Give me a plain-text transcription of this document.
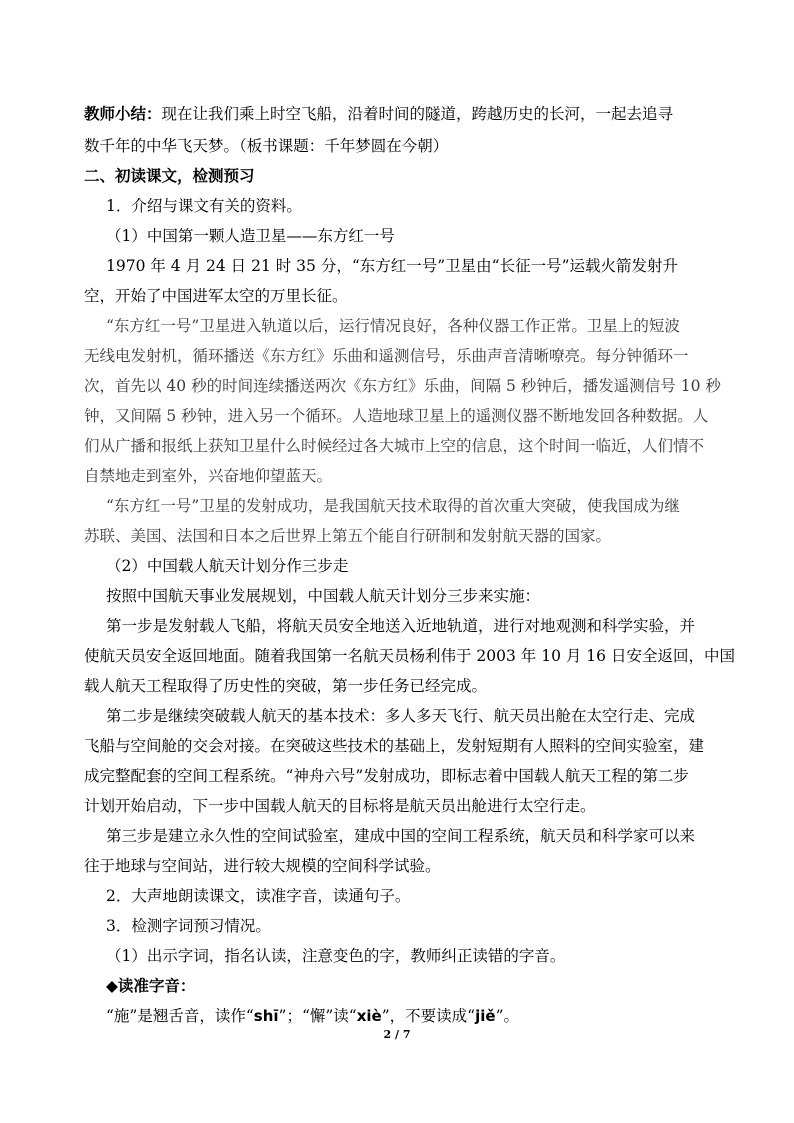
教师小结：现在让我们乘上时空飞船，沿着时间的隧道，跨越历史的长河，一起去追寻
数千年的中华飞天梦。（板书课题：千年梦圆在今朝）
二、初读课文，检测预习
1．介绍与课文有关的资料。
（1）中国第一颗人造卫星——东方红一号
1970 年 4 月 24 日 21 时 35 分，“东方红一号”卫星由“长征一号”运载火箭发射升
空，开始了中国进军太空的万里长征。
“东方红一号”卫星进入轨道以后，运行情况良好，各种仪器工作正常。卫星上的短波
无线电发射机，循环播送《东方红》乐曲和遥测信号，乐曲声音清晰嘹亮。每分钟循环一
次，首先以 40 秒的时间连续播送两次《东方红》乐曲，间隔 5 秒钟后，播发遥测信号 10 秒
钟，又间隔 5 秒钟，进入另一个循环。人造地球卫星上的遥测仪器不断地发回各种数据。人
们从广播和报纸上获知卫星什么时候经过各大城市上空的信息，这个时间一临近，人们情不
自禁地走到室外，兴奋地仰望蓝天。
“东方红一号”卫星的发射成功，是我国航天技术取得的首次重大突破，使我国成为继
苏联、美国、法国和日本之后世界上第五个能自行研制和发射航天器的国家。
（2）中国载人航天计划分作三步走
按照中国航天事业发展规划，中国载人航天计划分三步来实施：
第一步是发射载人飞船，将航天员安全地送入近地轨道，进行对地观测和科学实验，并
使航天员安全返回地面。随着我国第一名航天员杨利伟于 2003 年 10 月 16 日安全返回，中国
载人航天工程取得了历史性的突破，第一步任务已经完成。
第二步是继续突破载人航天的基本技术：多人多天飞行、航天员出舱在太空行走、完成
飞船与空间舱的交会对接。在突破这些技术的基础上，发射短期有人照料的空间实验室，建
成完整配套的空间工程系统。“神舟六号”发射成功，即标志着中国载人航天工程的第二步
计划开始启动，下一步中国载人航天的目标将是航天员出舱进行太空行走。
第三步是建立永久性的空间试验室，建成中国的空间工程系统，航天员和科学家可以来
往于地球与空间站，进行较大规模的空间科学试验。
2．大声地朗读课文，读准字音，读通句子。
3．检测字词预习情况。
（1）出示字词，指名认读，注意变色的字，教师纠正读错的字音。
◆读准字音：
“施”是翘舌音，读作“shī”；“懈”读“xiè”，不要读成“jiě”。
2 / 7
